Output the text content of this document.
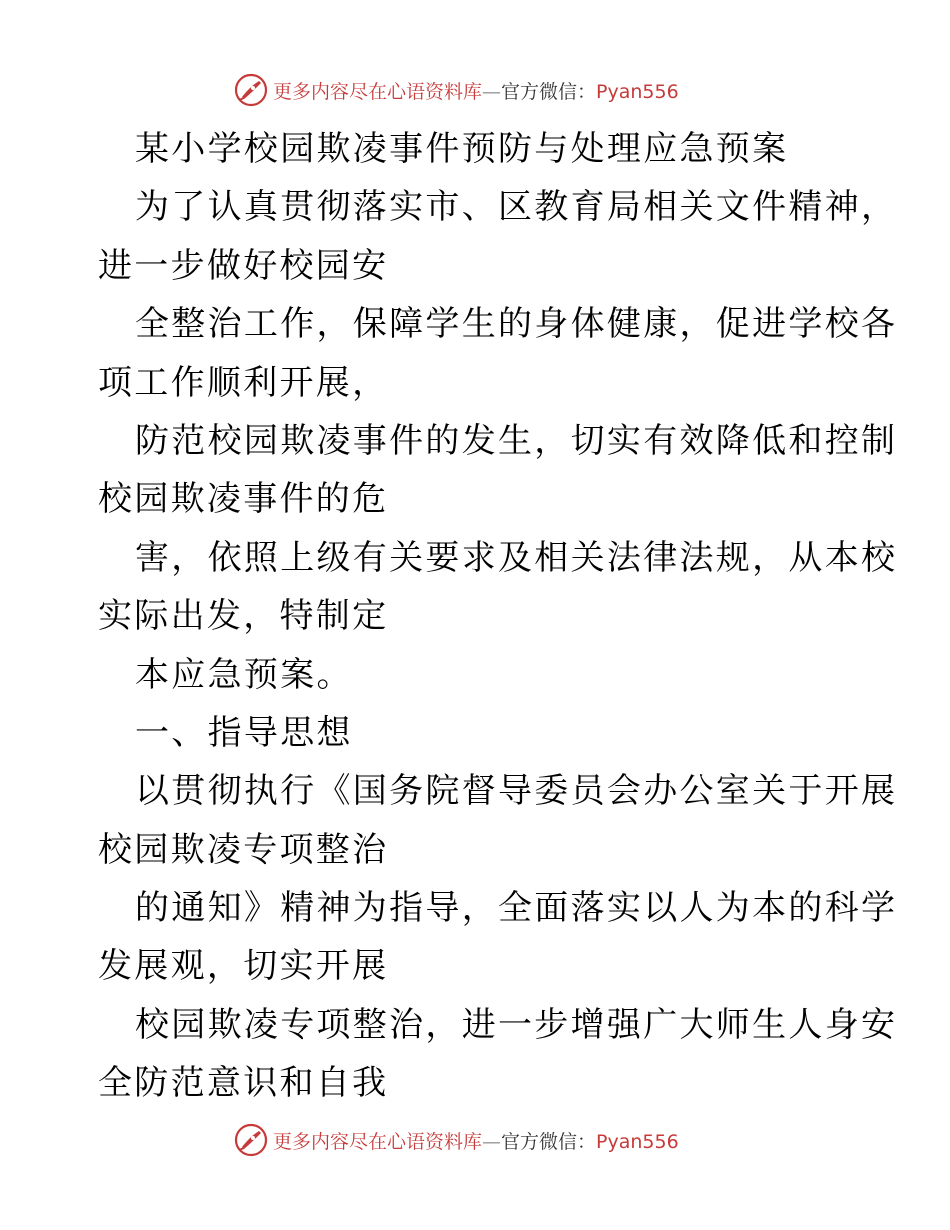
更多内容尽在心语资料库—官方微信：Pyan556
某小学校园欺凌事件预防与处理应急预案
为了认真贯彻落实市、区教育局相关文件精神，
进一步做好校园安
全整治工作，保障学生的身体健康，促进学校各
项工作顺利开展，
防范校园欺凌事件的发生，切实有效降低和控制
校园欺凌事件的危
害，依照上级有关要求及相关法律法规，从本校
实际出发，特制定
本应急预案。
一、指导思想
以贯彻执行《国务院督导委员会办公室关于开展
校园欺凌专项整治
的通知》精神为指导，全面落实以人为本的科学
发展观，切实开展
校园欺凌专项整治，进一步增强广大师生人身安
全防范意识和自我
更多内容尽在心语资料库—官方微信：Pyan556
